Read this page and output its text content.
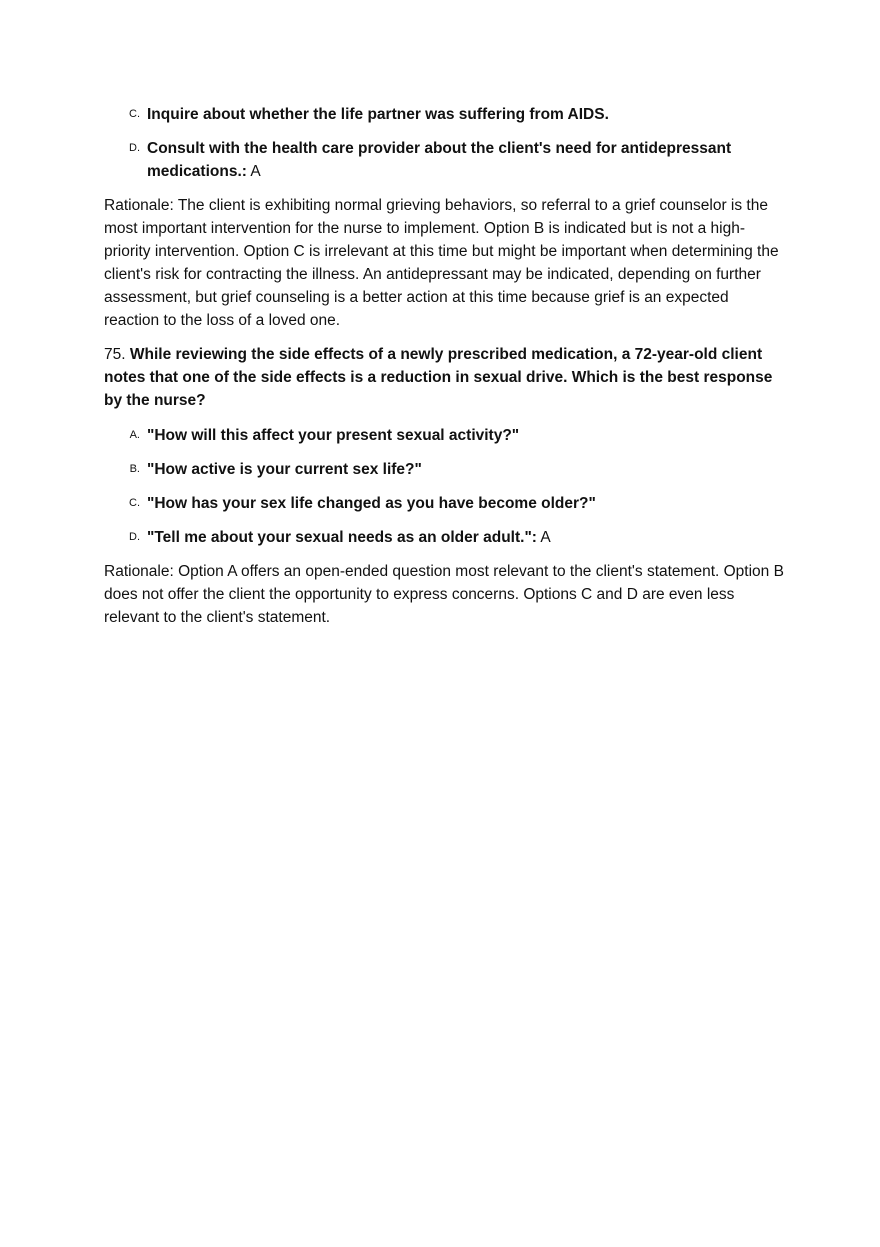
C. Inquire about whether the life partner was suffering from AIDS.
D. Consult with the health care provider about the client's need for antidepressant medications.: A

Rationale: The client is exhibiting normal grieving behaviors, so referral to a grief counselor is the most important intervention for the nurse to implement. Option B is indicated but is not a high-priority intervention. Option C is irrelevant at this time but might be important when determining the client's risk for contracting the illness. An antidepressant may be indicated, depending on further assessment, but grief counseling is a better action at this time because grief is an expected reaction to the loss of a loved one.

75. While reviewing the side effects of a newly prescribed medication, a 72-year-old client notes that one of the side effects is a reduction in sexual drive. Which is the best response by the nurse?

A. "How will this affect your present sexual activity?"
B. "How active is your current sex life?"
C. "How has your sex life changed as you have become older?"
D. "Tell me about your sexual needs as an older adult.": A

Rationale: Option A offers an open-ended question most relevant to the client's statement. Option B does not offer the client the opportunity to express concerns. Options C and D are even less relevant to the client's statement.
